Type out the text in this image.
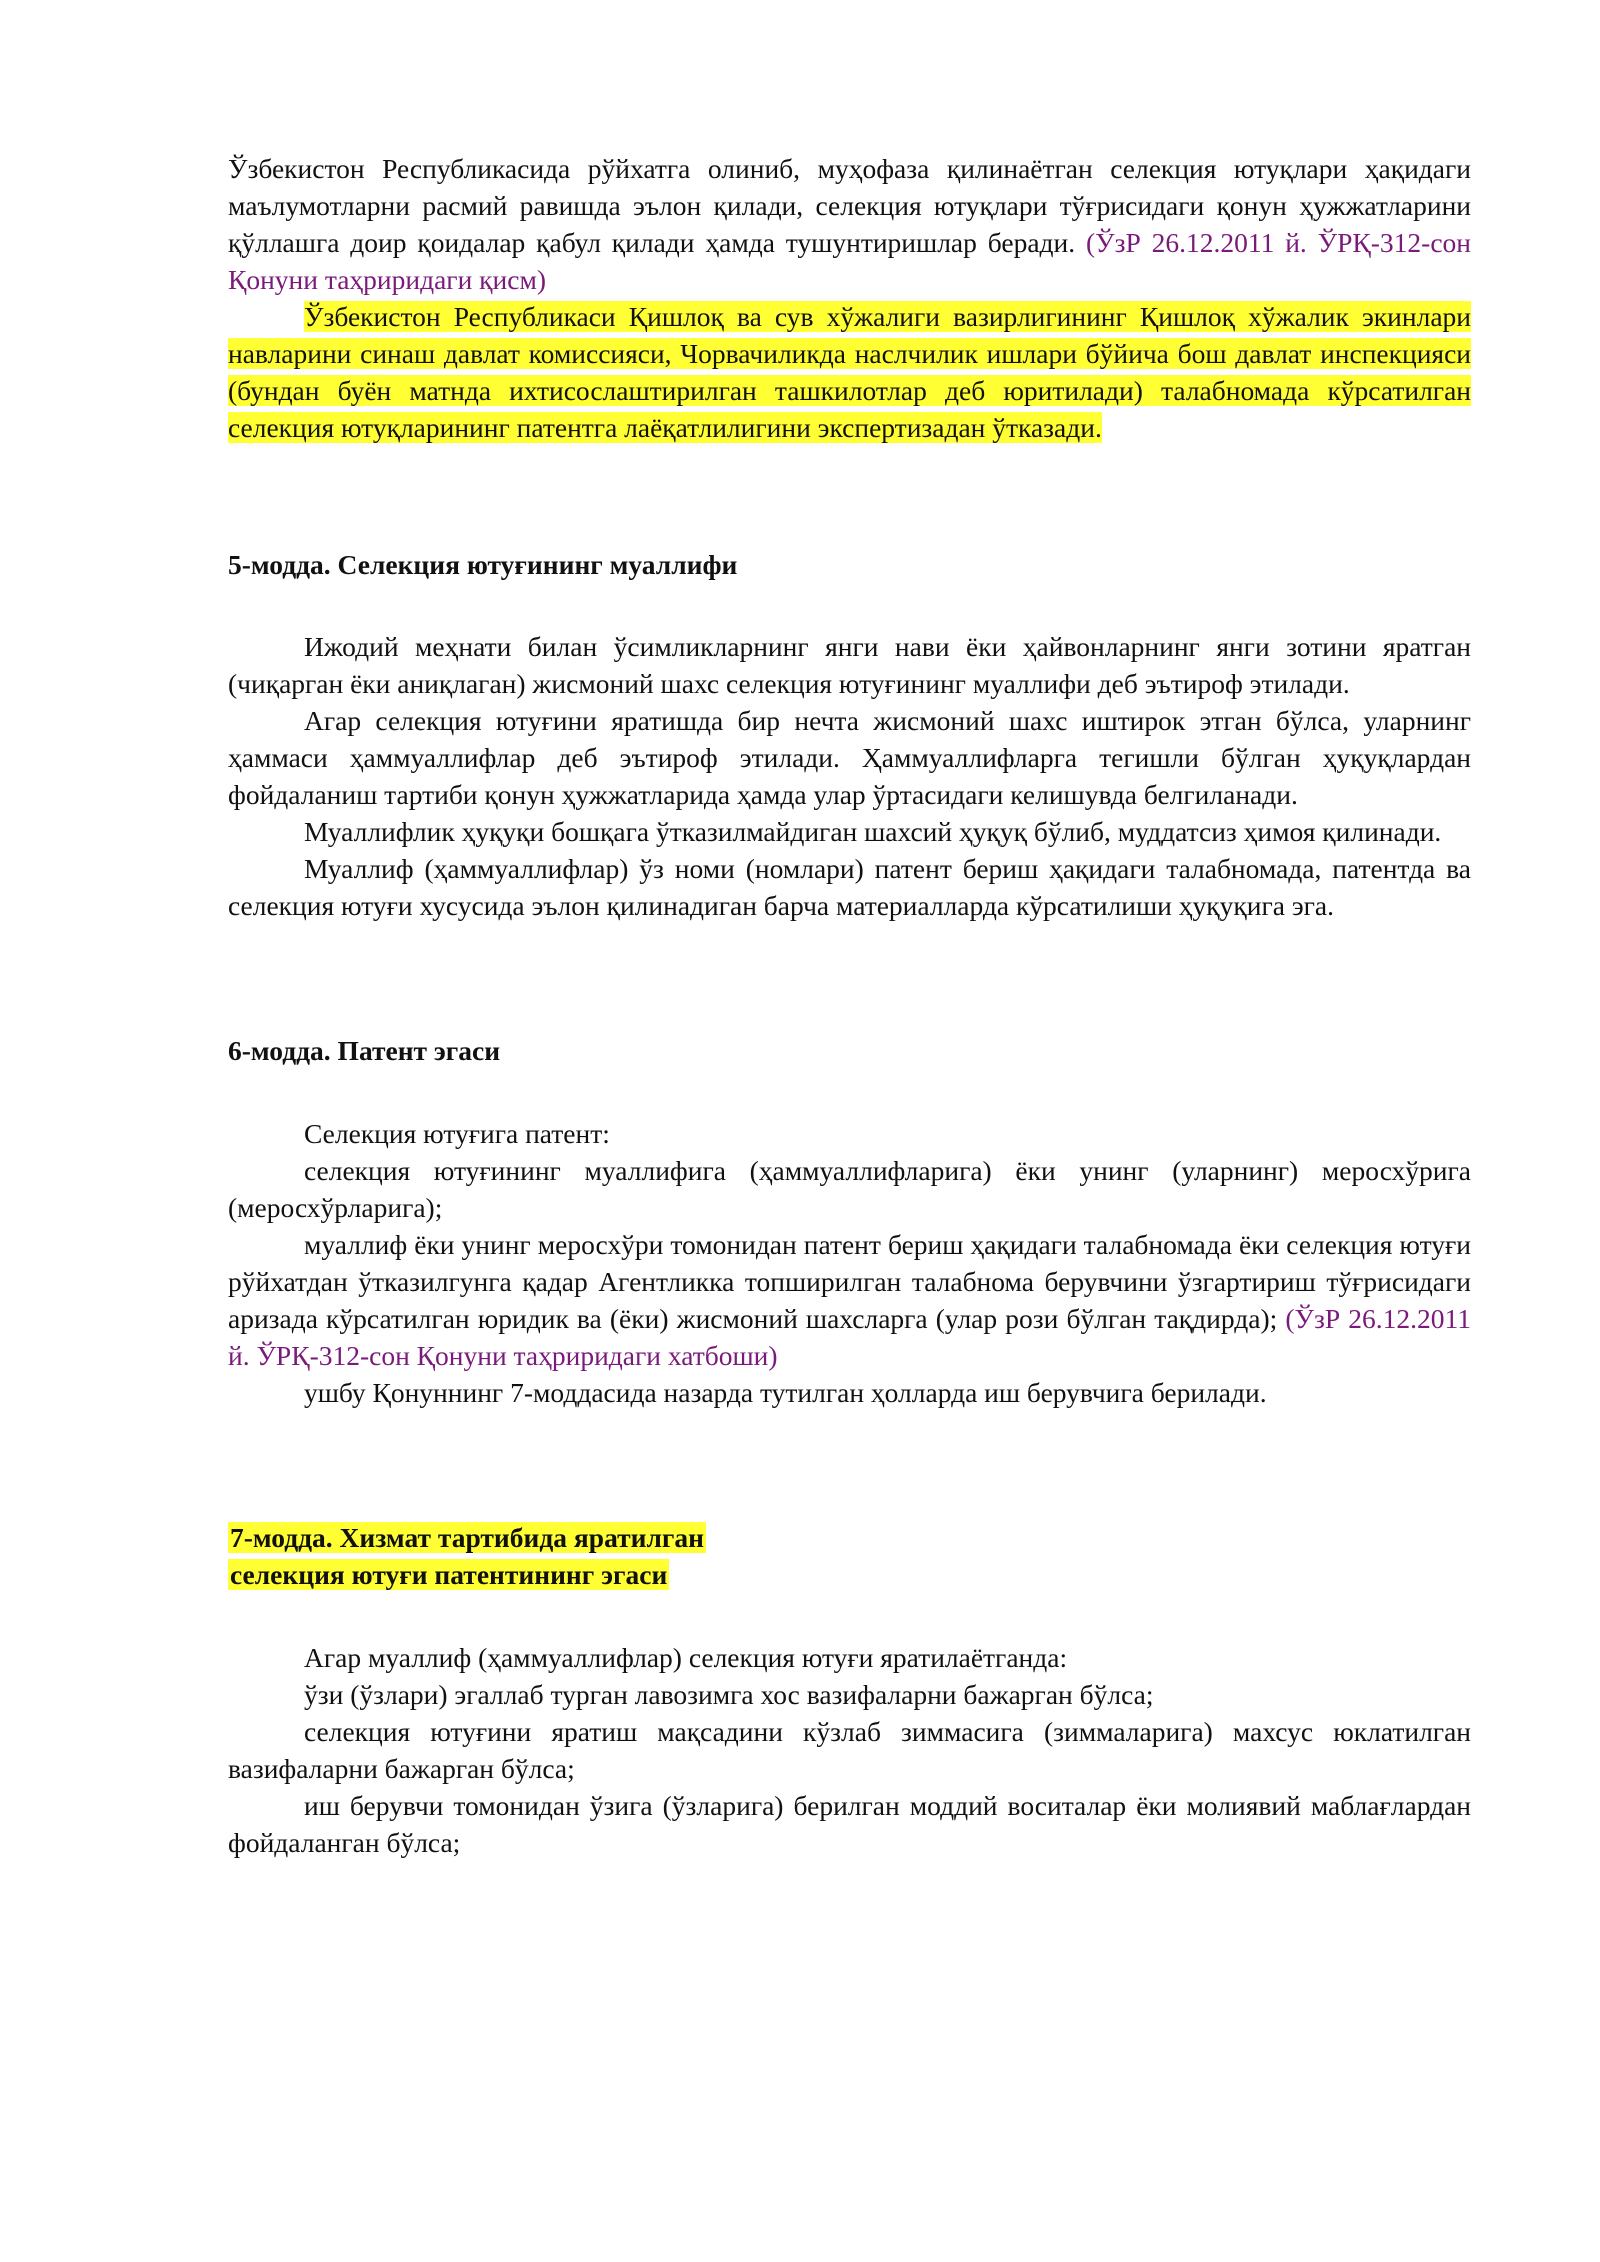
Ўзбекистон Республикасида рўйхатга олиниб, муҳофаза қилинаётган селекция ютуқлари ҳақидаги маълумотларни расмий равишда эълон қилади, селекция ютуқлари тўғрисидаги қонун ҳужжатларини қўллашга доир қоидалар қабул қилади ҳамда тушунтиришлар беради. (ЎзР 26.12.2011 й. ЎРҚ-312-сон Қонуни таҳриридаги қисм)

Ўзбекистон Республикаси Қишлоқ ва сув хўжалиги вазирлигининг Қишлоқ хўжалик экинлари навларини синаш давлат комиссияси, Чорвачиликда наслчилик ишлари бўйича бош давлат инспекцияси (бундан буён матнда ихтисослаштирилган ташкилотлар деб юритилади) талабномада кўрсатилган селекция ютуқларининг патентга лаёқатлилигини экспертизадан ўтказади.

5-модда. Селекция ютуғининг муаллифи

Ижодий меҳнати билан ўсимликларнинг янги нави ёки ҳайвонларнинг янги зотини яратган (чиқарган ёки аниқлаган) жисмоний шахс селекция ютуғининг муаллифи деб эътироф этилади.

Агар селекция ютуғини яратишда бир нечта жисмоний шахс иштирок этган бўлса, уларнинг ҳаммаси ҳаммуаллифлар деб эътироф этилади. Ҳаммуаллифларга тегишли бўлган ҳуқуқлардан фойдаланиш тартиби қонун ҳужжатларида ҳамда улар ўртасидаги келишувда белгиланади.

Муаллифлик ҳуқуқи бошқага ўтказилмайдиган шахсий ҳуқуқ бўлиб, муддатсиз ҳимоя қилинади.

Муаллиф (ҳаммуаллифлар) ўз номи (номлари) патент бериш ҳақидаги талабномада, патентда ва селекция ютуғи хусусида эълон қилинадиган барча материалларда кўрсатилиши ҳуқуқига эга.

6-модда. Патент эгаси

Селекция ютуғига патент:

селекция ютуғининг муаллифига (ҳаммуаллифларига) ёки унинг (уларнинг) меросхўрига (меросхўрларига);

муаллиф ёки унинг меросхўри томонидан патент бериш ҳақидаги талабномада ёки селекция ютуғи рўйхатдан ўтказилгунга қадар Агентликка топширилган талабнома берувчини ўзгартириш тўғрисидаги аризада кўрсатилган юридик ва (ёки) жисмоний шахсларга (улар рози бўлган тақдирда); (ЎзР 26.12.2011 й. ЎРҚ-312-сон Қонуни таҳриридаги хатбоши)

ушбу Қонуннинг 7-моддасида назарда тутилган ҳолларда иш берувчига берилади.

7-модда. Хизмат тартибида яратилган

селекция ютуғи патентининг эгаси

Агар муаллиф (ҳаммуаллифлар) селекция ютуғи яратилаётганда:

ўзи (ўзлари) эгаллаб турган лавозимга хос вазифаларни бажарган бўлса;

селекция ютуғини яратиш мақсадини кўзлаб зиммасига (зиммаларига) махсус юклатилган вазифаларни бажарган бўлса;

иш берувчи томонидан ўзига (ўзларига) берилган моддий воситалар ёки молиявий маблағлардан фойдаланган бўлса;
